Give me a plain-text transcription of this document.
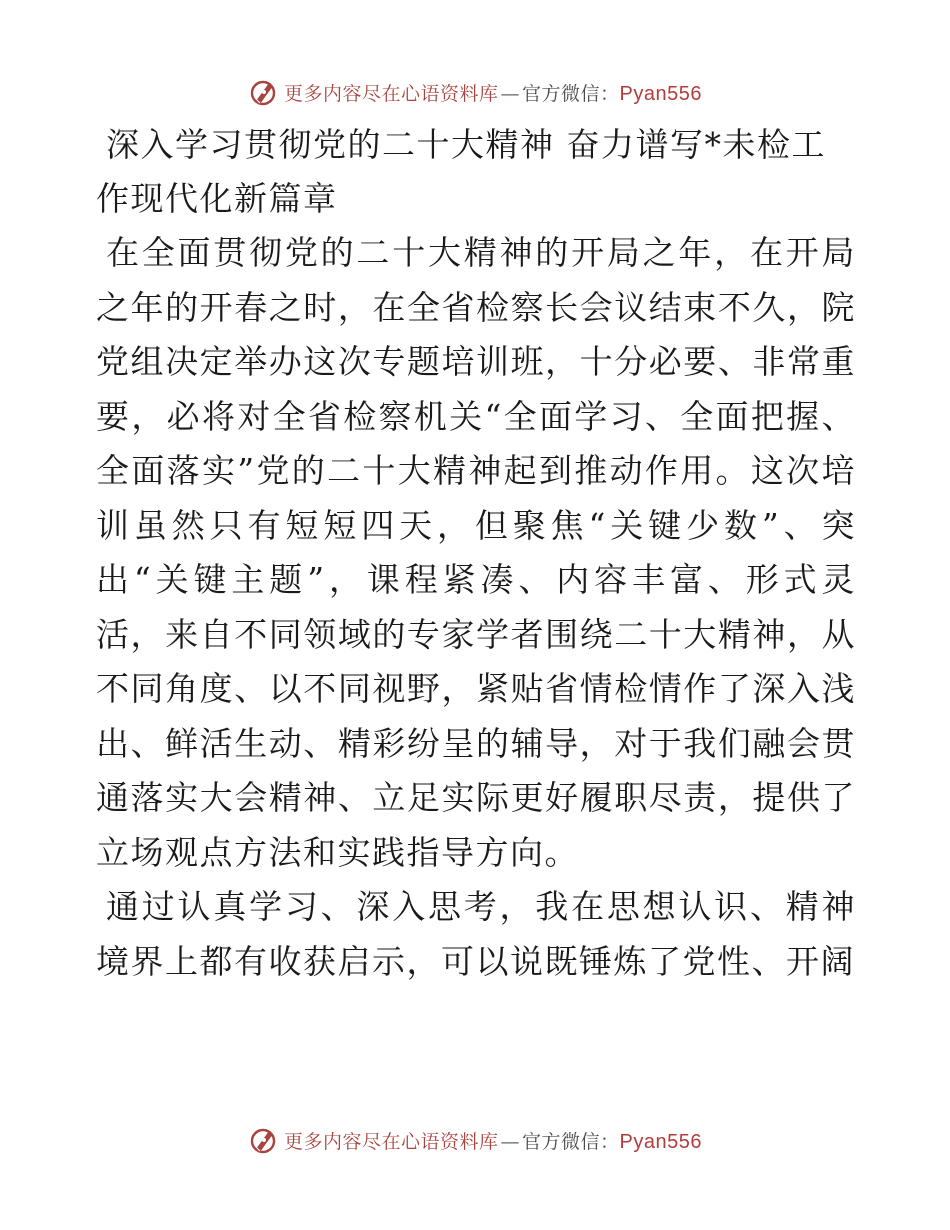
更多内容尽在心语资料库 — 官方微信：Pyan556
深入学习贯彻党的二十大精神 奋力谱写*未检工作现代化新篇章

在全面贯彻党的二十大精神的开局之年，在开局之年的开春之时，在全省检察长会议结束不久，院党组决定举办这次专题培训班，十分必要、非常重要，必将对全省检察机关“全面学习、全面把握、全面落实”党的二十大精神起到推动作用。这次培训虽然只有短短四天，但聚焦“关键少数”、突出“关键主题”，课程紧凑、内容丰富、形式灵活，来自不同领域的专家学者围绕二十大精神，从不同角度、以不同视野，紧贴省情检情作了深入浅出、鲜活生动、精彩纷呈的辅导，对于我们融会贯通落实大会精神、立足实际更好履职尽责，提供了立场观点方法和实践指导方向。

通过认真学习、深入思考，我在思想认识、精神境界上都有收获启示，可以说既锤炼了党性、开阔

更多内容尽在心语资料库 — 官方微信：Pyan556
